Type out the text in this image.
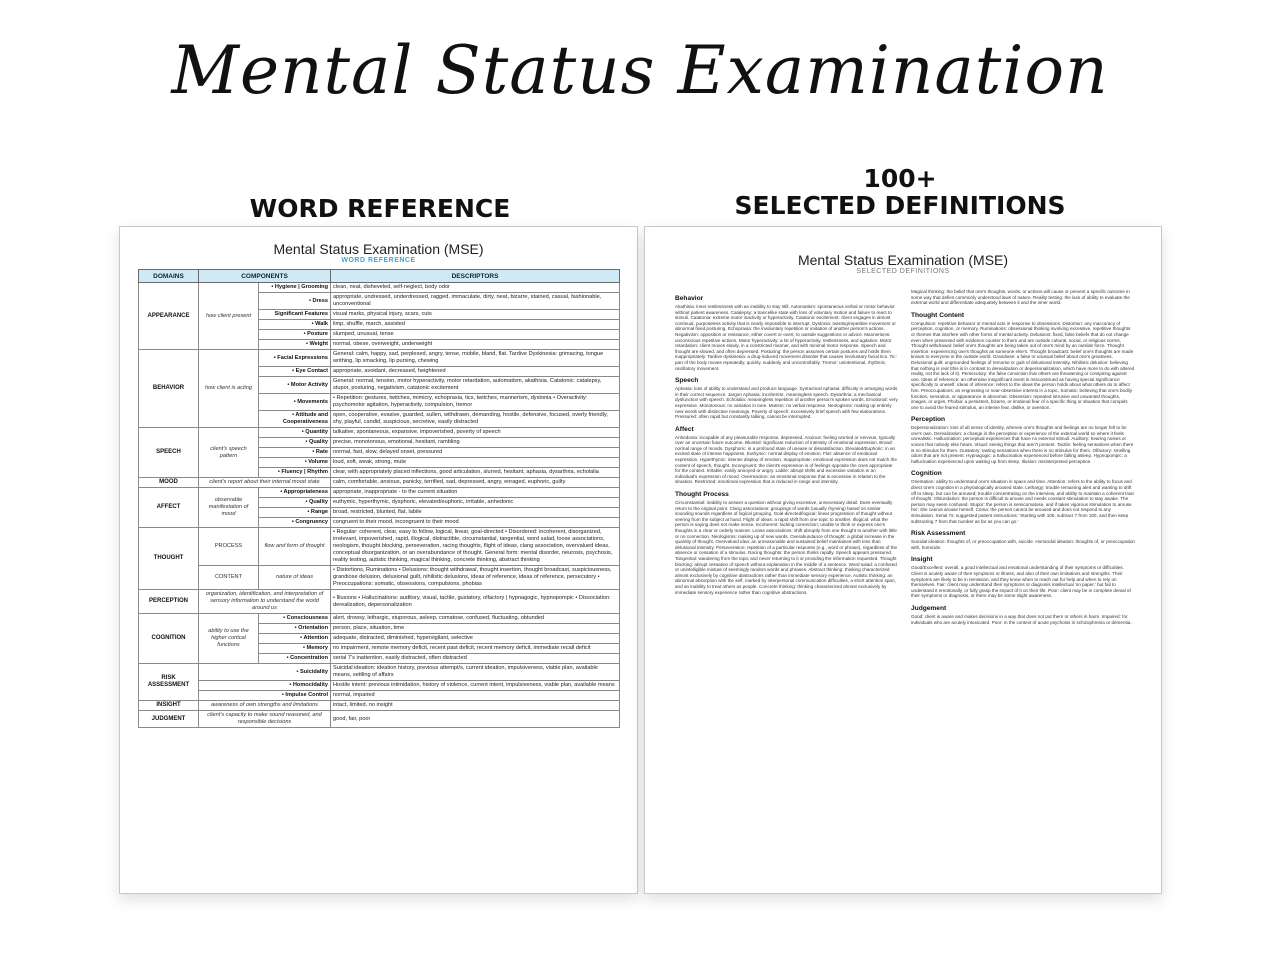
Mental Status Examination
WORD REFERENCE
100+
SELECTED DEFINITIONS
Mental Status Examination (MSE)
WORD REFERENCE
DOMAINS	COMPONENTS		DESCRIPTORS
APPEARANCE	how client present	• Hygiene | Grooming	clean, neat, disheveled, self-neglect, body odor
		• Dress	appropriate, undressed, underdressed, ragged, immaculate, dirty, neat, bizarre, stained, casual, fashionable, unconventional
		Significant Features	visual marks, physical injury, scars, cuts
		• Walk	limp, shuffle, march, assisted
		• Posture	slumped, unusual, tense
		• Weight	normal, obese, overweight, underweight
BEHAVIOR	how client is acting	• Facial Expressions	General: calm, happy, sad, perplexed, angry, tense, mobile, bland, flat. Tardive Dyskinesia: grimacing, tongue writhing, lip smacking, lip pursing, chewing
		• Eye Contact	appropriate, avoidant, decreased, heightened
		• Motor Activity	General: normal, tension, motor hyperactivity, motor retardation, automatism, akathisia. Catatonic: catalepsy, stupor, posturing, negativism, catatonic excitement
		• Movements	• Repetition: gestures, twitches, mimicry, echopraxia, tics, twitches, mannerism, dystonia • Overactivity: psychomotor agitation, hyperactivity, compulsion, tremor
		• Attitude and Cooperativeness	open, cooperative, evasive, guarded, sullen, withdrawn, demanding, hostile, defensive, focused, overly friendly, shy, playful, candid, suspicious, secretive, easily distracted
SPEECH	client's speech pattern	• Quantity	talkative, spontaneous, expansive, impoverished, poverty of speech
		• Quality	precise, monotonous, emotional, hesitant, rambling
		• Rate	normal, fast, slow, delayed onset, pressured
		• Volume	loud, soft, weak, strong, mute
		• Fluency | Rhythm	clear, with appropriately placed inflections, good articulation, slurred, hesitant, aphasia, dysarthria, echolalia
MOOD	client's report about their internal mood state		calm, comfortable, anxious, panicky, terrified, sad, depressed, angry, enraged, euphoric, guilty
AFFECT	observable manifestation of mood	• Appropriateness	appropriate, inappropriate - to the current situation
		• Quality	euthymic, hyperthymic, dysphoric, elevated/euphoric, irritable, anhedonic
		• Range	broad, restricted, blunted, flat, labile
		• Congruency	congruent to their mood, incongruent to their mood
THOUGHT	PROCESS	flow and form of thought	• Regular: coherent, clear, easy to follow, logical, linear, goal-directed • Disordered: incoherent, disorganized, irrelevant, impoverished, rapid, illogical, distractible, circumstantial, tangential, word salad, loose associations, neologism, thought blocking, perseveration, racing thoughts, flight of ideas, clang association, overvalued ideas, conceptual disorganization, or an overabundance of thought. General form: mental disorder, neurosis, psychosis, reality testing, autistic thinking, magical thinking, concrete thinking, abstract thinking
	CONTENT	nature of ideas	• Distortions, Ruminations • Delusions: thought withdrawal, thought insertion, thought broadcast, suspiciousness, grandiose delusion, delusional guilt, nihilistic delusions, ideas of reference, ideas of reference, persecutory • Preoccupations: somatic, obsessions, compulsions, phobias
PERCEPTION	organization, identification, and interpretation of sensory information to understand the world around us		• Illusions • Hallucinations: auditory, visual, tactile, gustatory, olfactory | hypnagogic, hypnopompic • Dissociation: derealization, depersonalization
COGNITION	ability to use the higher cortical functions	• Consciousness	alert, drowsy, lethargic, stuporous, asleep, comatose, confused, fluctuating, obtunded
		• Orientation	person, place, situation, time
		• Attention	adequate, distracted, diminished, hypervigilant, selective
		• Memory	no impairment, remote memory deficit, recent past deficit, recent memory deficit, immediate recall deficit
		• Concentration	serial 7's inattention, easily distracted, often distracted
RISK ASSESSMENT	• Suicidality		Suicidal ideation: ideation history, previous attempt/s, current ideation, impulsiveness, viable plan, available means, settling of affairs
	• Homocidality		Hostile intent: previous intimidation, history of violence, current intent, impulsiveness, viable plan, available means
	• Impulse Control		normal, impaired
INSIGHT	awareness of own strengths and limitations		intact, limited, no insight
JUDGMENT	client's capacity to make sound reasoned, and responsible decisions		good, fair, poor
Mental Status Examination (MSE)
SELECTED DEFINITIONS
Behavior

Akathisia: inner restlessness with an inability to stay still. Automatism: spontaneous verbal or motor behavior without patient awareness. Catalepsy: a trancelike state with loss of voluntary motion and failure to react to stimuli. Catatonia: extreme motor inactivity or hyperactivity. Catatonic excitement: client engages in almost continual, purposeless activity that is nearly impossible to interrupt. Dystonia: twisting/repetitive movement or abnormal fixed posturing. Echopraxia: the involuntary repetition or imitation of another person's actions. Negativism: opposition or resistance, either covert or overt, to outside suggestions or advice. Mannerisms: unconscious repetitive actions. Motor hyperactivity: a lot of hyperactivity, restlessness, and agitation. Motor retardation: client moves slowly, in a constricted manner, and with minimal motor response. Speech and thought are slowed, and often depressed. Posturing: the person assumes certain postures and holds them inappropriately. Tardive dyskinesia: a drug-induced movement disorder that causes involuntary facial tics. Tic: part of the body moves repeatedly, quickly, suddenly and uncontrollably. Tremor: unintentional, rhythmic, oscillatory movement.

Speech

Aphasia: loss of ability to understand and produce language. Syntactical Aphasia: difficulty in arranging words in their correct sequence. Jargon Aphasia: incoherent, meaningless speech. Dysarthria: a mechanical dysfunction with speech. Echolalia: meaningless repetition of another person's spoken words. Emotional: very expressive. Monotonous: no variation in tone. Mutism: no verbal response. Neologisms: making up entirely new words with distinctive meanings. Poverty of speech: excessively brief speech with few elaborations. Pressured: often rapid but constantly talking, cannot be interrupted.

Affect

Anhedonia: incapable of any pleasurable response, depressed. Anxious: feeling worried or nervous, typically over an uncertain future outcome. Blunted: significant reduction of intensity of emotional expression. Broad: normal range of moods. Dysphoric: in a profound state of unease or dissatisfaction. Elevated/Euphoric: in an excited state of intense happiness. Euthymic: normal display of emotion. Flat: absence of emotional expression. Hyperthymic: intense display of emotion. Inappropriate: emotional expression does not match the content of speech, thought. Incongruent: the client's expression is of feelings opposite the ones appropriate for the context. Irritable: easily annoyed or angry. Labile: abrupt shifts and excessive variation in an individual's expression of mood. Overreaction: an emotional response that is excessive in relation to the situation. Restricted: emotional expression that is reduced in range and intensity.

Thought Process

Circumstantial: inability to answer a question without giving excessive, unnecessary detail. Does eventually return to the original point. Clang associations: groupings of words (usually rhyming) based on similar sounding sounds regardless of logical grouping. Goal-directed/logical: linear progression of thought without veering from the subject at hand. Flight of ideas: a rapid shift from one topic to another. Illogical: what the person is saying does not make sense. Incoherent: lacking connection; unable to think or express one's thoughts in a clear or orderly manner. Loose associations: shift abruptly from one thought to another with little or no connection. Neologisms: making up of new words. Overabundance of thought: a global increase in the quantity of thought. Overvalued idea: an unreasonable and sustained belief maintained with less than delusional intensity. Perseveration: repetition of a particular response (e.g., word or phrase), regardless of the absence or cessation of a stimulus. Racing thoughts: the person thinks rapidly. Speech appears pressured. Tangential: wandering from the topic and never returning to it or providing the information requested. Thought blocking: abrupt cessation of speech without explanation in the middle of a sentence. Word salad: a confused or unintelligible mixture of seemingly random words and phrases. Abstract thinking: thinking characterized almost exclusively by cognitive abstractions rather than immediate sensory experience. Autistic thinking: an abnormal absorption with the self, marked by interpersonal communication difficulties, a short attention span, and an inability to treat others as people. Concrete thinking: thinking characterized almost exclusively by immediate sensory experience rather than cognitive abstractions.

Magical thinking: the belief that one's thoughts, words, or actions will cause or prevent a specific outcome in some way that defies commonly understood laws of nature. Reality testing: the lack of ability to evaluate the external world and differentiate adequately between it and the inner world.

Thought Content

Compulsion: repetitive behavior or mental acts in response to obsessions. Distortion: any inaccuracy of perception, cognition, or memory. Ruminations: obsessional thinking involving excessive, repetitive thoughts or themes that interfere with other forms of mental activity. Delusions: fixed, false beliefs that do not change even when presented with evidence counter to them and are outside cultural, social, or religious norms. Thought withdrawal: belief one's thoughts are being taken out of one's mind by an outside force. Thought insertion: experiencing one's thoughts as someone else's. Thought broadcast: belief one's thoughts are made known to everyone in the outside world. Grandiose: a false or unusual belief about one's greatness. Delusional guilt: ungrounded feelings of remorse or guilt of delusional intensity. Nihilistic delusion: believing that nothing is real (this is in contrast to derealization or depersonalization, which have more to do with altered reality, not the lack of it). Persecutory: the false conviction that others are threatening or conspiring against one. Ideas of reference: an otherwise insignificant event is misconstrued as having special significance specifically to oneself. Ideas of inference: refers to the ideas the person holds about what others do to affect him. Preoccupations: an engrossing or near-obsessive interest in a topic. Somatic: believing that one's bodily function, sensation, or appearance is abnormal. Obsession: repeated intrusive and unwanted thoughts, images, or urges. Phobia: a persistent, bizarre, or irrational fear of a specific thing or situation that compels one to avoid the feared stimulus, an intense fear, dislike, or aversion.

Perception

Depersonalization: loss of all sense of identity, wherein one's thoughts and feelings are no longer felt to be one's own. Derealization: a change in the perception or experience of the external world so where it feels unrealistic. Hallucination: perceptual experiences that have no external stimuli. Auditory: hearing noises or voices that nobody else hears. Visual: seeing things that aren't present. Tactile: feeling sensations when there is no stimulus for them. Gustatory: tasting sensations when there is no stimulus for them. Olfactory: smelling odors that are not present. Hypnagogic: a hallucination experienced before falling asleep. Hypnopompic: a hallucination experienced upon waking up from sleep. Illusion: misinterpreted perception.

Cognition

Orientation: ability to understand one's situation in space and time. Attention: refers to the ability to focus and direct one's cognition in a physiologically aroused state. Lethargy: trouble remaining alert and wanting to drift off to sleep, but can be aroused; trouble concentrating on the interview, and ability to maintain a coherent train of thought. Obtundation: the person is difficult to arouse and needs constant stimulation to stay awake. The person may seem confused. Stupor: the person is semicomatose, and if takes vigorous stimulation to arouse her; she cannot arouse herself. Coma: the person cannot be aroused and does not respond to any stimulation. Serial 7s: suggested patient instructions: 'Starting with 100, subtract 7 from 100, and then keep subtracting 7 from that number as far as you can go.'

Risk Assessment

Suicidal ideation: thoughts of, or preoccupation with, suicide. Homicidal ideation: thoughts of, or preoccupation with, homicide.

Insight

Good/Excellent: overall, a good intellectual and emotional understanding of their symptoms or difficulties. Client is acutely aware of their symptoms or illness, and also of their own limitations and strengths. Their symptoms are likely to be in remission, and they know when to reach out for help and when to rely on themselves. Fair: client may understand their symptoms or diagnosis intellectual 'on paper,' but fail to understand it emotionally, or fully grasp the impact of it on their life. Poor: client may be in complete denial of their symptoms or diagnosis, or there may be some slight awareness.

Judgement

Good: client is aware and makes decisions in a way that does not put them or others in harm. Impaired: for individuals who are acutely intoxicated. Poor: in the context of acute psychosis in schizophrenia or dementia.
